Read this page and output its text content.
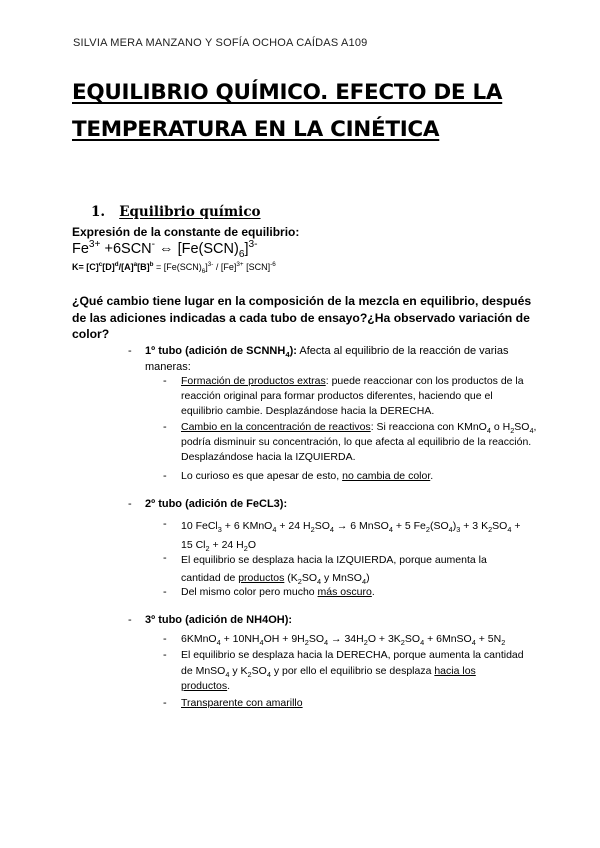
SILVIA MERA MANZANO Y SOFÍA OCHOA CAÍDAS A109
EQUILIBRIO QUÍMICO. EFECTO DE LA TEMPERATURA EN LA CINÉTICA
1. Equilibrio químico
Expresión de la constante de equilibrio:
$Fe^{3+} +6SCN^-$ ⇔ $[Fe(SCN)_6]^{3-}$
$K= [C]^c[D]^d/[A]^a[B]^b = [Fe(SCN)_6]^{3-} / [Fe]^{3+}$ [SCN]$^{-6}$
¿Qué cambio tiene lugar en la composición de la mezcla en equilibrio, después de las adiciones indicadas a cada tubo de ensayo?¿Ha observado variación de color?
- 1º tubo (adición de $SCNNH_4$): Afecta al equilibrio de la reacción de varias maneras:
- Formación de productos extras: puede reaccionar con los productos de la reacción original para formar productos diferentes, haciendo que el equilibrio cambie. Desplazándose hacia la DERECHA.
- Cambio en la concentración de reactivos: Si reacciona con KMnO$_4$ o $H_2SO_4$, podría disminuir su concentración, lo que afecta al equilibrio de la reacción. Desplazándose hacia la IZQUIERDA.
- Lo curioso es que apesar de esto, no cambia de color.
- 2º tubo (adición de FeCL3):
- 10 FeCl$_3$ + 6 KMnO$_4$ + 24 $H_2SO_4 \to 6$ MnSO$_4$ + 5 $Fe_2(SO_4)_3 + 3$ $K_2SO_4 + 15$ $Cl_2 + 24$ $H_2O$
- El equilibrio se desplaza hacia la IZQUIERDA, porque aumenta la cantidad de productos ($K_2SO_4$ y MnSO$_4$)
- Del mismo color pero mucho más oscuro.
- 3º tubo (adición de NH4OH):
- 6KMnO$_4$ + $10NH_4OH + 9H_2SO_4 \to 34H_2O + 3K_2SO_4$ + 6MnSO$_4$ + $5N_2$
- El equilibrio se desplaza hacia la DERECHA, porque aumenta la cantidad de MnSO$_4$ y $K_2SO_4$ y por ello el equilibrio se desplaza hacia los productos.
- Transparente con amarillo
